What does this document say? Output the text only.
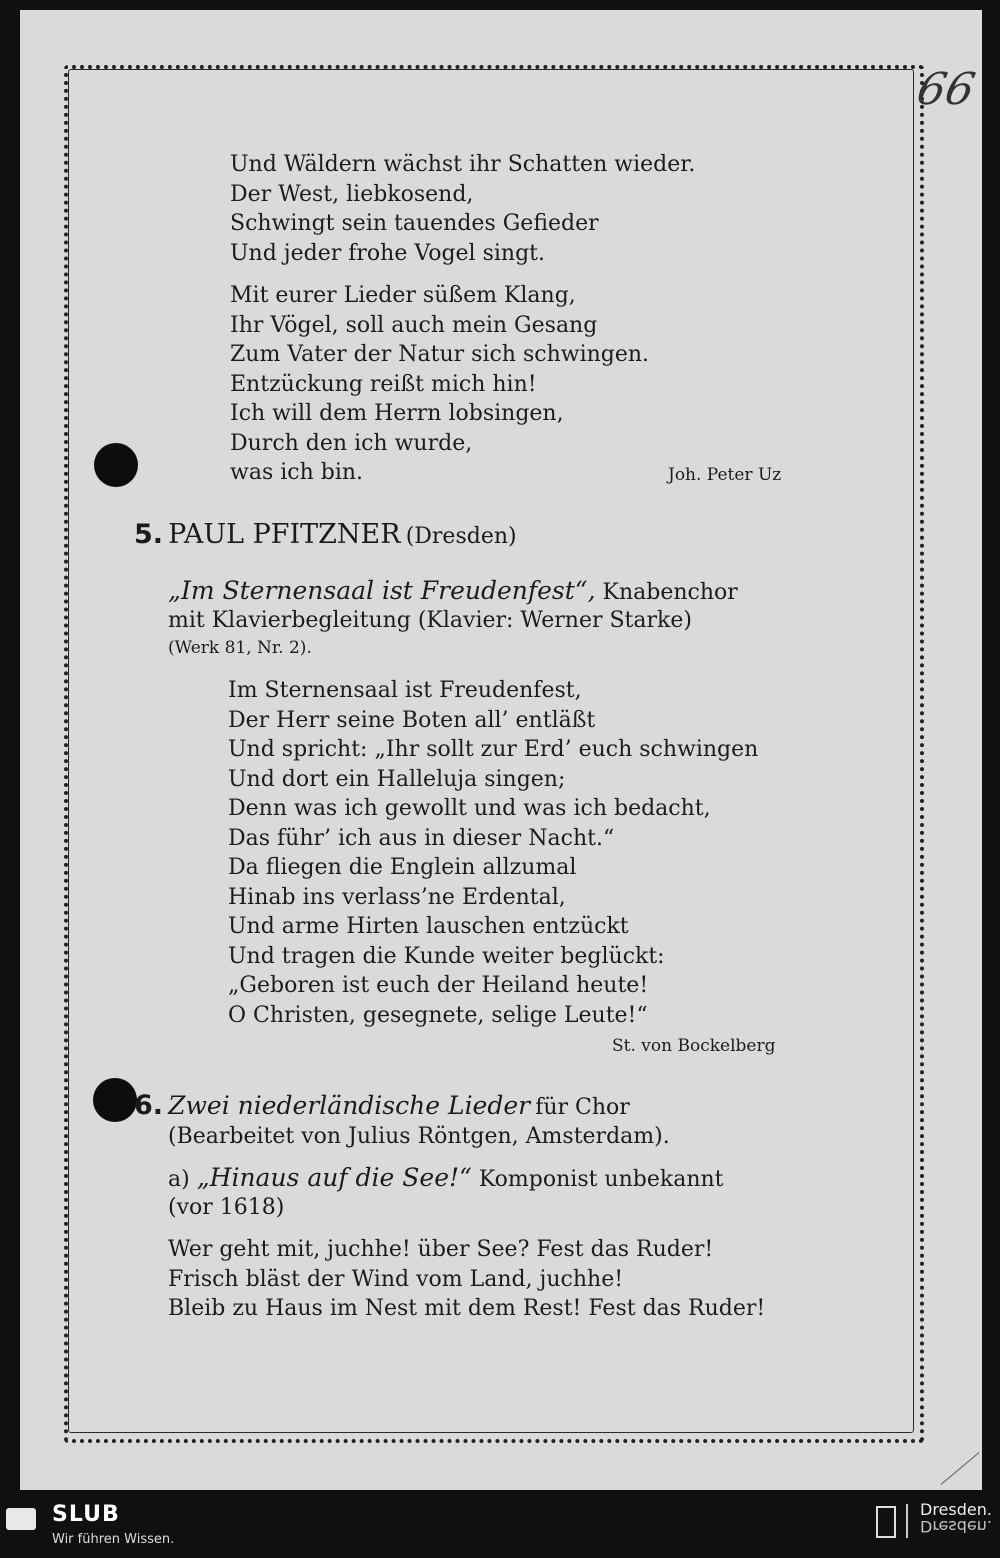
66
Und Wäldern wächst ihr Schatten wieder.
Der West, liebkosend,
Schwingt sein tauendes Gefieder
Und jeder frohe Vogel singt.
Mit eurer Lieder süßem Klang,
Ihr Vögel, soll auch mein Gesang
Zum Vater der Natur sich schwingen.
Entzückung reißt mich hin!
Ich will dem Herrn lobsingen,
Durch den ich wurde,
was ich bin.	Joh. Peter Uz
5. PAUL PFITZNER (Dresden)
„Im Sternensaal ist Freudenfest“, Knabenchor
mit Klavierbegleitung (Klavier: Werner Starke)
(Werk 81, Nr. 2).
Im Sternensaal ist Freudenfest,
Der Herr seine Boten all’ entläßt
Und spricht: „Ihr sollt zur Erd’ euch schwingen
Und dort ein Halleluja singen;
Denn was ich gewollt und was ich bedacht,
Das führ’ ich aus in dieser Nacht.“
Da fliegen die Englein allzumal
Hinab ins verlass’ne Erdental,
Und arme Hirten lauschen entzückt
Und tragen die Kunde weiter beglückt:
„Geboren ist euch der Heiland heute!
O Christen, gesegnete, selige Leute!“
St. von Bockelberg
6. Zwei niederländische Lieder für Chor
(Bearbeitet von Julius Röntgen, Amsterdam).
a) „Hinaus auf die See!“ Komponist unbekannt
(vor 1618)
Wer geht mit, juchhe! über See? Fest das Ruder!
Frisch bläst der Wind vom Land, juchhe!
Bleib zu Haus im Nest mit dem Rest! Fest das Ruder!
SLUB
Wir führen Wissen.
Dresden.
Dresden.
